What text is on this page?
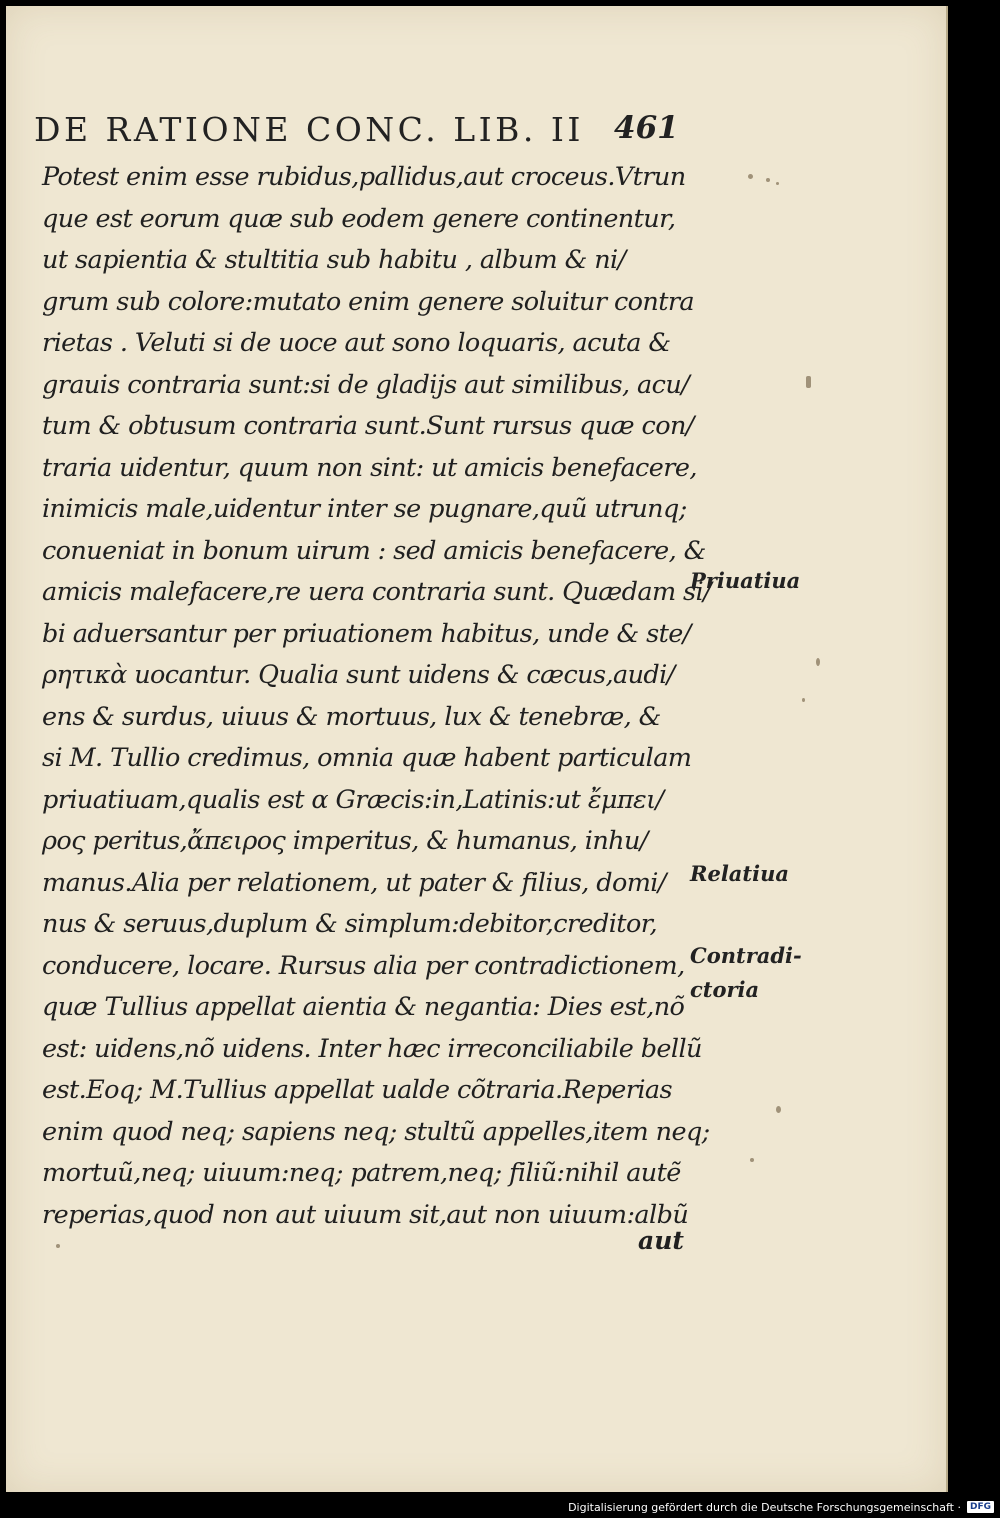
DE RATIONE CONC. LIB. II 461
Potest enim esse rubidus,pallidus,aut croceus.Vtrun
que est eorum quæ sub eodem genere continentur,
ut sapientia & stultitia sub habitu , album & ni/
grum sub colore:mutato enim genere soluitur contra
rietas . Veluti si de uoce aut sono loquaris, acuta &
grauis contraria sunt:si de gladijs aut similibus, acu/
tum & obtusum contraria sunt.Sunt rursus quæ con/
traria uidentur, quum non sint: ut amicis benefacere,
inimicis male,uidentur inter se pugnare,quũ utrunq;
conueniat in bonum uirum : sed amicis benefacere, &
amicis malefacere,re uera contraria sunt. Quædam si/
bi aduersantur per priuationem habitus, unde & ste/
ρητικὰ uocantur. Qualia sunt uidens & cæcus,audi/
ens & surdus, uiuus & mortuus, lux & tenebræ, &
si M. Tullio credimus, omnia quæ habent particulam
priuatiuam,qualis est α Græcis:in,Latinis:ut ἔμπει/
ρος peritus,ἄπειρος imperitus, & humanus, inhu/
manus.Alia per relationem, ut pater & filius, domi/
nus & seruus,duplum & simplum:debitor,creditor,
conducere, locare. Rursus alia per contradictionem,
quæ Tullius appellat aientia & negantia: Dies est,nõ
est: uidens,nõ uidens. Inter hæc irreconciliabile bellũ
est.Eoq; M.Tullius appellat ualde cõtraria.Reperias
enim quod neq; sapiens neq; stultũ appelles,item neq;
mortuũ,neq; uiuum:neq; patrem,neq; filiũ:nihil autẽ
reperias,quod non aut uiuum sit,aut non uiuum:albũ
aut
Priuatiua
Relatiua
Contradi-
ctoria
Digitalisierung gefördert durch die Deutsche Forschungsgemeinschaft ·	DFG
